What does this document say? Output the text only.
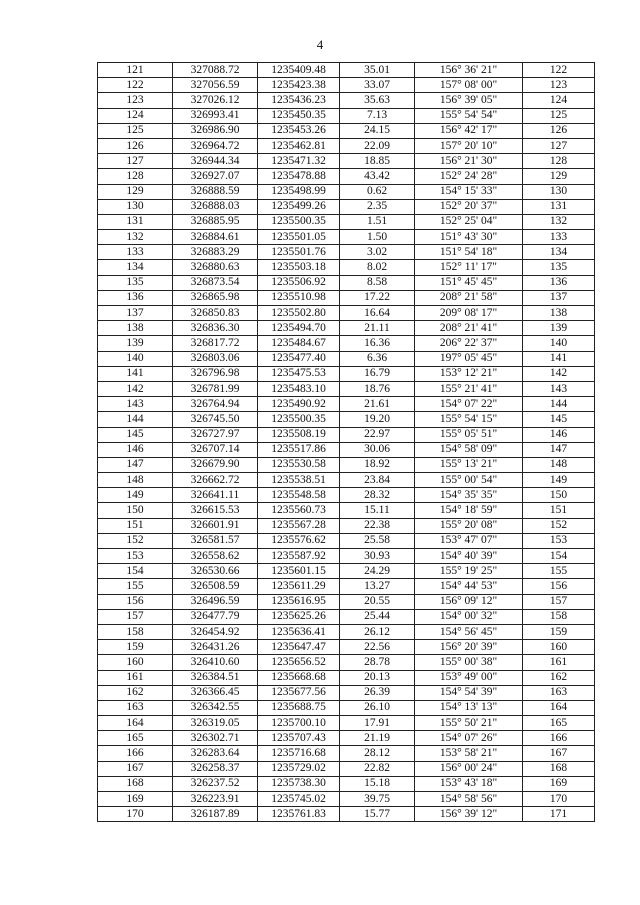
4
121	327088.72	1235409.48	35.01	156° 36' 21"	122
122	327056.59	1235423.38	33.07	157° 08' 00"	123
123	327026.12	1235436.23	35.63	156° 39' 05"	124
124	326993.41	1235450.35	7.13	155° 54' 54"	125
125	326986.90	1235453.26	24.15	156° 42' 17"	126
126	326964.72	1235462.81	22.09	157° 20' 10"	127
127	326944.34	1235471.32	18.85	156° 21' 30"	128
128	326927.07	1235478.88	43.42	152° 24' 28"	129
129	326888.59	1235498.99	0.62	154° 15' 33"	130
130	326888.03	1235499.26	2.35	152° 20' 37"	131
131	326885.95	1235500.35	1.51	152° 25' 04"	132
132	326884.61	1235501.05	1.50	151° 43' 30"	133
133	326883.29	1235501.76	3.02	151° 54' 18"	134
134	326880.63	1235503.18	8.02	152° 11' 17"	135
135	326873.54	1235506.92	8.58	151° 45' 45"	136
136	326865.98	1235510.98	17.22	208° 21' 58"	137
137	326850.83	1235502.80	16.64	209° 08' 17"	138
138	326836.30	1235494.70	21.11	208° 21' 41"	139
139	326817.72	1235484.67	16.36	206° 22' 37"	140
140	326803.06	1235477.40	6.36	197° 05' 45"	141
141	326796.98	1235475.53	16.79	153° 12' 21"	142
142	326781.99	1235483.10	18.76	155° 21' 41"	143
143	326764.94	1235490.92	21.61	154° 07' 22"	144
144	326745.50	1235500.35	19.20	155° 54' 15"	145
145	326727.97	1235508.19	22.97	155° 05' 51"	146
146	326707.14	1235517.86	30.06	154° 58' 09"	147
147	326679.90	1235530.58	18.92	155° 13' 21"	148
148	326662.72	1235538.51	23.84	155° 00' 54"	149
149	326641.11	1235548.58	28.32	154° 35' 35"	150
150	326615.53	1235560.73	15.11	154° 18' 59"	151
151	326601.91	1235567.28	22.38	155° 20' 08"	152
152	326581.57	1235576.62	25.58	153° 47' 07"	153
153	326558.62	1235587.92	30.93	154° 40' 39"	154
154	326530.66	1235601.15	24.29	155° 19' 25"	155
155	326508.59	1235611.29	13.27	154° 44' 53"	156
156	326496.59	1235616.95	20.55	156° 09' 12"	157
157	326477.79	1235625.26	25.44	154° 00' 32"	158
158	326454.92	1235636.41	26.12	154° 56' 45"	159
159	326431.26	1235647.47	22.56	156° 20' 39"	160
160	326410.60	1235656.52	28.78	155° 00' 38"	161
161	326384.51	1235668.68	20.13	153° 49' 00"	162
162	326366.45	1235677.56	26.39	154° 54' 39"	163
163	326342.55	1235688.75	26.10	154° 13' 13"	164
164	326319.05	1235700.10	17.91	155° 50' 21"	165
165	326302.71	1235707.43	21.19	154° 07' 26"	166
166	326283.64	1235716.68	28.12	153° 58' 21"	167
167	326258.37	1235729.02	22.82	156° 00' 24"	168
168	326237.52	1235738.30	15.18	153° 43' 18"	169
169	326223.91	1235745.02	39.75	154° 58' 56"	170
170	326187.89	1235761.83	15.77	156° 39' 12"	171
